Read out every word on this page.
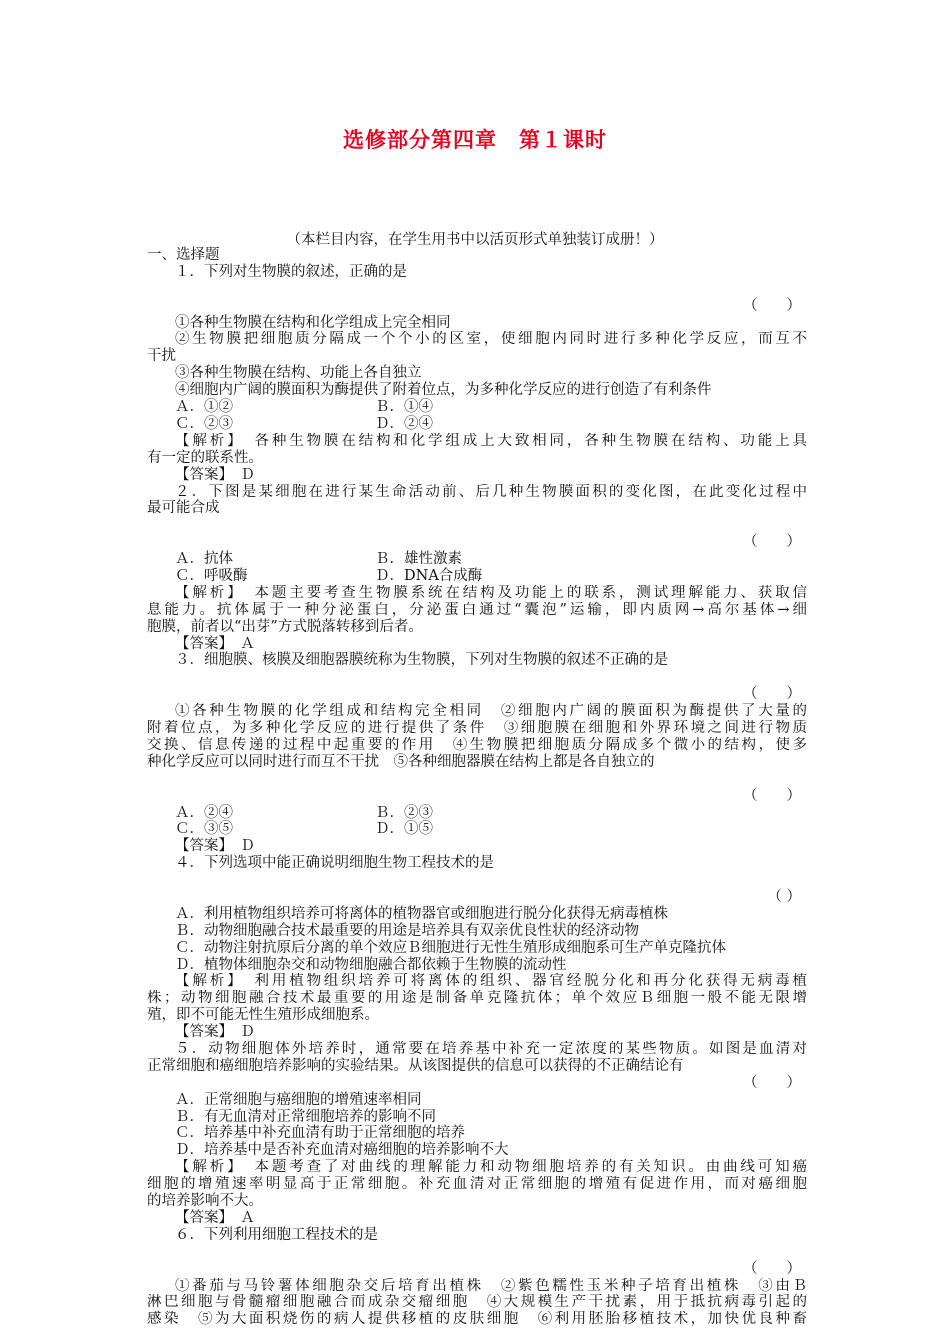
选修部分第四章　第１课时
（本栏目内容，在学生用书中以活页形式单独装订成册！）
一、选择题
１．下列对生物膜的叙述，正确的是
（　　）
①各种生物膜在结构和化学组成上完全相同
②生物膜把细胞质分隔成一个个小的区室，使细胞内同时进行多种化学反应，而互不
干扰
③各种生物膜在结构、功能上各自独立
④细胞内广阔的膜面积为酶提供了附着位点，为多种化学反应的进行创造了有利条件
Ａ．①②	Ｂ．①④
Ｃ．②③	Ｄ．②④
【解析】　各种生物膜在结构和化学组成上大致相同，各种生物膜在结构、功能上具
有一定的联系性。
【答案】　Ｄ
２．下图是某细胞在进行某生命活动前、后几种生物膜面积的变化图，在此变化过程中
最可能合成
（　　）
Ａ．抗体	Ｂ．雄性激素
Ｃ．呼吸酶	Ｄ．DNA合成酶
【解析】　本题主要考查生物膜系统在结构及功能上的联系，测试理解能力、获取信
息能力。抗体属于一种分泌蛋白，分泌蛋白通过“囊泡”运输，即内质网→高尔基体→细
胞膜，前者以“出芽”方式脱落转移到后者。
【答案】　Ａ
３．细胞膜、核膜及细胞器膜统称为生物膜，下列对生物膜的叙述不正确的是
（　　）
①各种生物膜的化学组成和结构完全相同　②细胞内广阔的膜面积为酶提供了大量的
附着位点，为多种化学反应的进行提供了条件　③细胞膜在细胞和外界环境之间进行物质
交换、信息传递的过程中起重要的作用　④生物膜把细胞质分隔成多个微小的结构，使多
种化学反应可以同时进行而互不干扰　⑤各种细胞器膜在结构上都是各自独立的
（　　）
Ａ．②④	Ｂ．②③
Ｃ．③⑤	Ｄ．①⑤
【答案】　Ｄ
４．下列选项中能正确说明细胞生物工程技术的是
（ ）
Ａ．利用植物组织培养可将离体的植物器官或细胞进行脱分化获得无病毒植株
Ｂ．动物细胞融合技术最重要的用途是培养具有双亲优良性状的经济动物
Ｃ．动物注射抗原后分离的单个效应Ｂ细胞进行无性生殖形成细胞系可生产单克隆抗体
Ｄ．植物体细胞杂交和动物细胞融合都依赖于生物膜的流动性
【解析】　利用植物组织培养可将离体的组织、器官经脱分化和再分化获得无病毒植
株；动物细胞融合技术最重要的用途是制备单克隆抗体；单个效应Ｂ细胞一般不能无限增
殖，即不可能无性生殖形成细胞系。
【答案】　Ｄ
５．动物细胞体外培养时，通常要在培养基中补充一定浓度的某些物质。如图是血清对
正常细胞和癌细胞培养影响的实验结果。从该图提供的信息可以获得的不正确结论有
（　　）
Ａ．正常细胞与癌细胞的增殖速率相同
Ｂ．有无血清对正常细胞培养的影响不同
Ｃ．培养基中补充血清有助于正常细胞的培养
Ｄ．培养基中是否补充血清对癌细胞的培养影响不大
【解析】　本题考查了对曲线的理解能力和动物细胞培养的有关知识。由曲线可知癌
细胞的增殖速率明显高于正常细胞。补充血清对正常细胞的增殖有促进作用，而对癌细胞
的培养影响不大。
【答案】　Ａ
６．下列利用细胞工程技术的是
（　　）
①番茄与马铃薯体细胞杂交后培育出植株　②紫色糯性玉米种子培育出植株　③由Ｂ
淋巴细胞与骨髓瘤细胞融合而成杂交瘤细胞　④大规模生产干扰素，用于抵抗病毒引起的
感染　⑤为大面积烧伤的病人提供移植的皮肤细胞　⑥利用胚胎移植技术，加快优良种畜
